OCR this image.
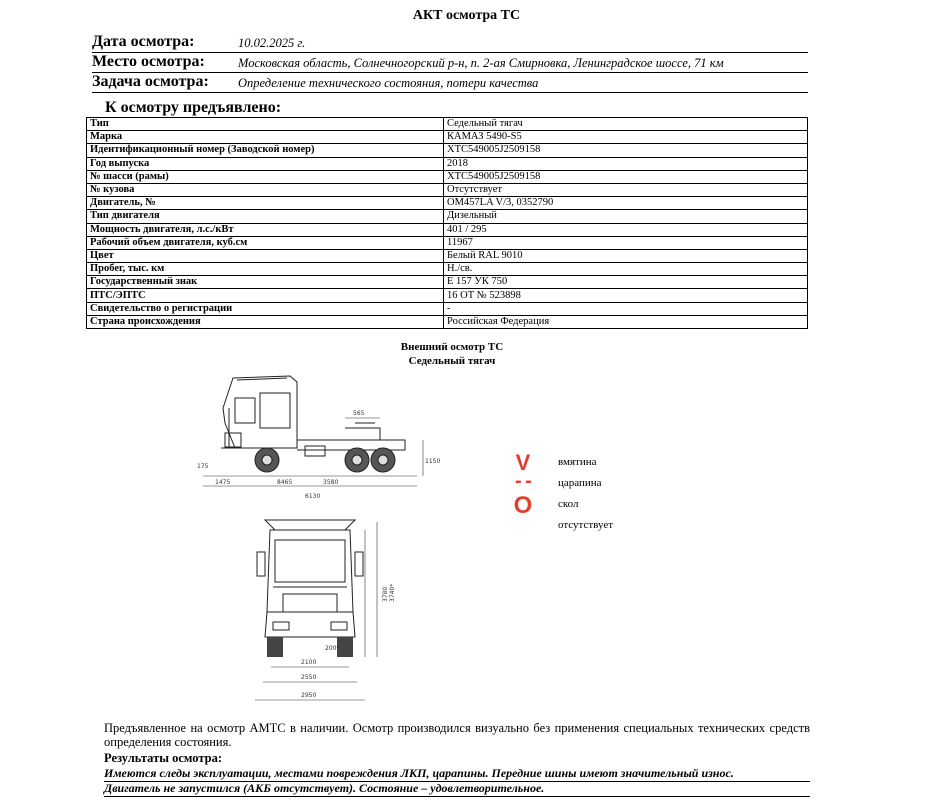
АКТ осмотра ТС
Дата осмотра:	10.02.2025 г.
Место осмотра:	Московская область, Солнечногорский р-н, п. 2-ая Смирновка, Ленинградское шоссе, 71 км
Задача осмотра: Определение технического состояния, потери качества
К осмотру предъявлено:
Тип	Седельный тягач
Марка	КАМАЗ 5490-S5
Идентификационный номер (Заводской номер)	XTC549005J2509158
Год выпуска	2018
№ шасси (рамы)	XTC549005J2509158
№ кузова	Отсутствует
Двигатель, №	OM457LA V/3, 0352790
Тип двигателя	Дизельный
Мощность двигателя, л.с./кВт	401 / 295
Рабочий объем двигателя, куб.см	11967
Цвет	Белый RAL 9010
Пробег, тыс. км	Н./св.
Государственный знак	Е 157 УК 750
ПТС/ЭПТС	16 ОТ № 523898
Свидетельство о регистрации	-
Страна происхождения	Российская Федерация
Внешний осмотр ТС
Седельный тягач
565
1150
1475	8465	3580
6130
175
2100
2550
2950
200*
3780 3740*
V	вмятина
- - царапина
O скол
отсутствует
Предъявленное на осмотр АМТС в наличии. Осмотр производился визуально без применения специальных технических средств определения состояния.
Результаты осмотра:
Имеются следы эксплуатации, местами повреждения ЛКП, царапины. Передние шины имеют значительный износ.
Двигатель не запустился (АКБ отсутствует). Состояние – удовлетворительное.
